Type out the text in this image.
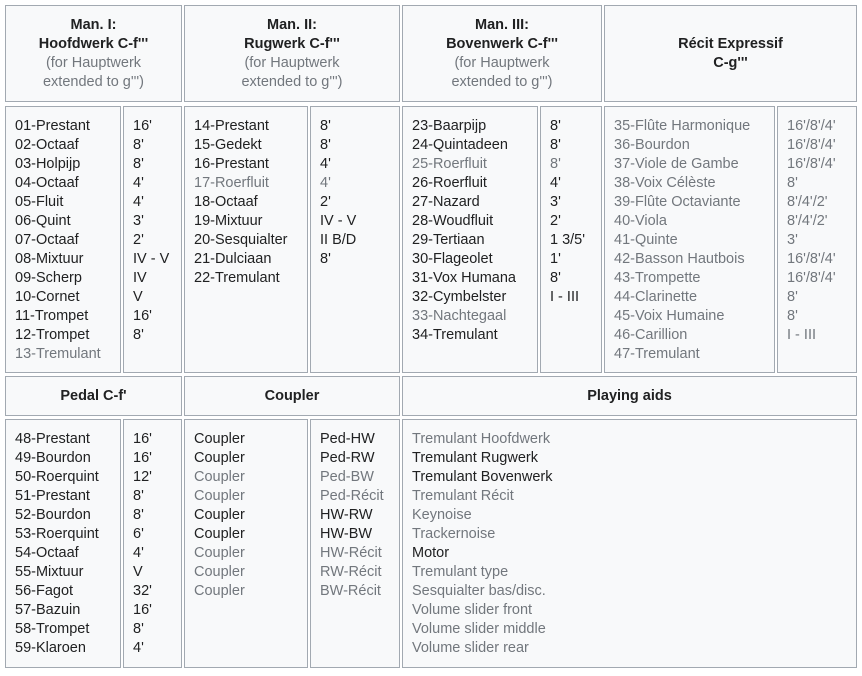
Man. I:
Hoofdwerk C-f'''
(for Hauptwerk
extended to g''')
Man. II:
Rugwerk C-f'''
(for Hauptwerk
extended to g''')
Man. III:
Bovenwerk C-f'''
(for Hauptwerk
extended to g''')
Récit Expressif
C-g'''
01-Prestant
02-Octaaf
03-Holpijp
04-Octaaf
05-Fluit
06-Quint
07-Octaaf
08-Mixtuur
09-Scherp
10-Cornet
11-Trompet
12-Trompet
13-Tremulant
16'
8'
8'
4'
4'
3'
2'
IV - V
IV
V
16'
8'
14-Prestant
15-Gedekt
16-Prestant
17-Roerfluit
18-Octaaf
19-Mixtuur
20-Sesquialter
21-Dulciaan
22-Tremulant
8'
8'
4'
4'
2'
IV - V
II B/D
8'
23-Baarpijp
24-Quintadeen
25-Roerfluit
26-Roerfluit
27-Nazard
28-Woudfluit
29-Tertiaan
30-Flageolet
31-Vox Humana
32-Cymbelster
33-Nachtegaal
34-Tremulant
8'
8'
8'
4'
3'
2'
1 3/5'
1'
8'
I - III
35-Flûte Harmonique
36-Bourdon
37-Viole de Gambe
38-Voix Célèste
39-Flûte Octaviante
40-Viola
41-Quinte
42-Basson Hautbois
43-Trompette
44-Clarinette
45-Voix Humaine
46-Carillion
47-Tremulant
16'/8'/4'
16'/8'/4'
16'/8'/4'
8'
8'/4'/2'
8'/4'/2'
3'
16'/8'/4'
16'/8'/4'
8'
8'
I - III
Pedal C-f'	Coupler	Playing aids
48-Prestant
49-Bourdon
50-Roerquint
51-Prestant
52-Bourdon
53-Roerquint
54-Octaaf
55-Mixtuur
56-Fagot
57-Bazuin
58-Trompet
59-Klaroen
16'
16'
12'
8'
8'
6'
4'
V
32'
16'
8'
4'
Coupler
Coupler
Coupler
Coupler
Coupler
Coupler
Coupler
Coupler
Coupler
Ped-HW
Ped-RW
Ped-BW
Ped-Récit
HW-RW
HW-BW
HW-Récit
RW-Récit
BW-Récit
Tremulant Hoofdwerk
Tremulant Rugwerk
Tremulant Bovenwerk
Tremulant Récit
Keynoise
Trackernoise
Motor
Tremulant type
Sesquialter bas/disc.
Volume slider front
Volume slider middle
Volume slider rear
